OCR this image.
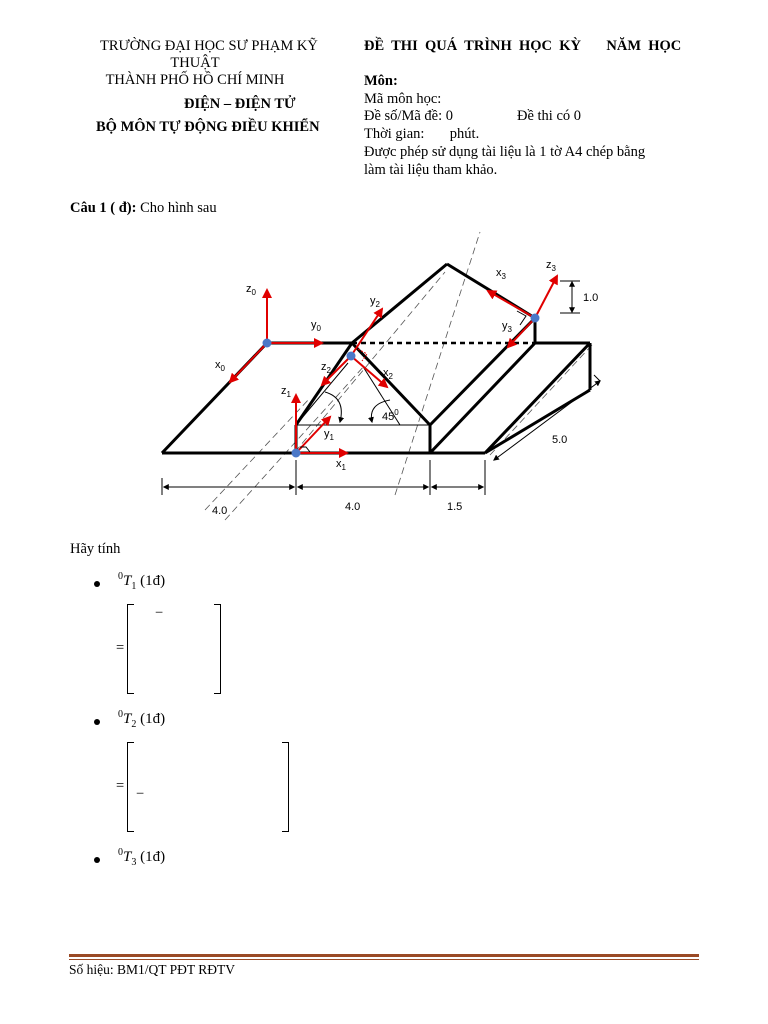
TRƯỜNG ĐẠI HỌC SƯ PHẠM KỸ
THUẬT
THÀNH PHỐ HỒ CHÍ MINH
ĐIỆN – ĐIỆN TỬ
BỘ MÔN TỰ ĐỘNG ĐIỀU KHIỂN
ĐỀ  THI  QUÁ  TRÌNH  HỌC  KỲ       NĂM  HỌC
Môn:
Mã môn học:
Đề số/Mã đề: 0	Đề thi có 0
Thời gian:       phút.
Được phép sử dụng tài liệu là 1 tờ A4 chép bằng
làm tài liệu tham khảo.
Câu 1 ( đ): Cho hình sau
$45^0$
4.0	4.0	1.5
5.0
1.0
$z_0$
$y_0$
$x_0$
$z_1$
$y_1$
$x_1$
$y_2$
$z_2$	$x_2$
$z_3$
$x_3$
$y_3$
Hãy tính
$^0T_1$ (1đ)
=
−
$^0T_2$ (1đ)
= −
$^0T_3$ (1đ)
Số hiệu: BM1/QT PĐT RĐTV
